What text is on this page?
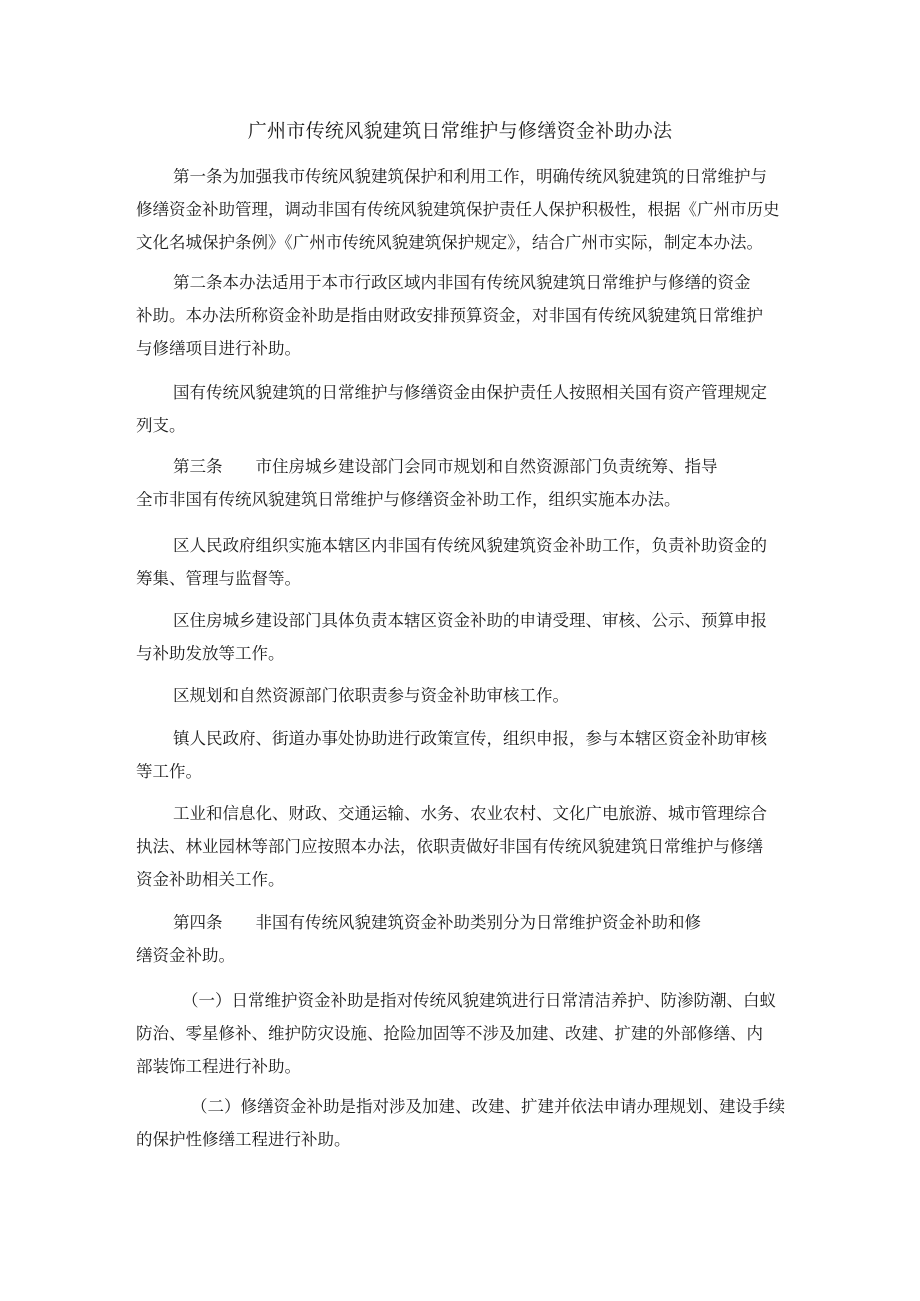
广州市传统风貌建筑日常维护与修缮资金补助办法
第一条为加强我市传统风貌建筑保护和利用工作，明确传统风貌建筑的日常维护与
修缮资金补助管理，调动非国有传统风貌建筑保护责任人保护积极性，根据《广州市历史
文化名城保护条例》《广州市传统风貌建筑保护规定》，结合广州市实际，制定本办法。
第二条本办法适用于本市行政区域内非国有传统风貌建筑日常维护与修缮的资金
补助。本办法所称资金补助是指由财政安排预算资金，对非国有传统风貌建筑日常维护
与修缮项目进行补助。
国有传统风貌建筑的日常维护与修缮资金由保护责任人按照相关国有资产管理规定
列支。
第三条　　市住房城乡建设部门会同市规划和自然资源部门负责统筹、指导
全市非国有传统风貌建筑日常维护与修缮资金补助工作，组织实施本办法。
区人民政府组织实施本辖区内非国有传统风貌建筑资金补助工作，负责补助资金的
筹集、管理与监督等。
区住房城乡建设部门具体负责本辖区资金补助的申请受理、审核、公示、预算申报
与补助发放等工作。
区规划和自然资源部门依职责参与资金补助审核工作。
镇人民政府、街道办事处协助进行政策宣传，组织申报，参与本辖区资金补助审核
等工作。
工业和信息化、财政、交通运输、水务、农业农村、文化广电旅游、城市管理综合
执法、林业园林等部门应按照本办法，依职责做好非国有传统风貌建筑日常维护与修缮
资金补助相关工作。
第四条　　非国有传统风貌建筑资金补助类别分为日常维护资金补助和修
缮资金补助。
（一）日常维护资金补助是指对传统风貌建筑进行日常清洁养护、防渗防潮、白蚁
防治、零星修补、维护防灾设施、抢险加固等不涉及加建、改建、扩建的外部修缮、内
部装饰工程进行补助。
（二）修缮资金补助是指对涉及加建、改建、扩建并依法申请办理规划、建设手续
的保护性修缮工程进行补助。
